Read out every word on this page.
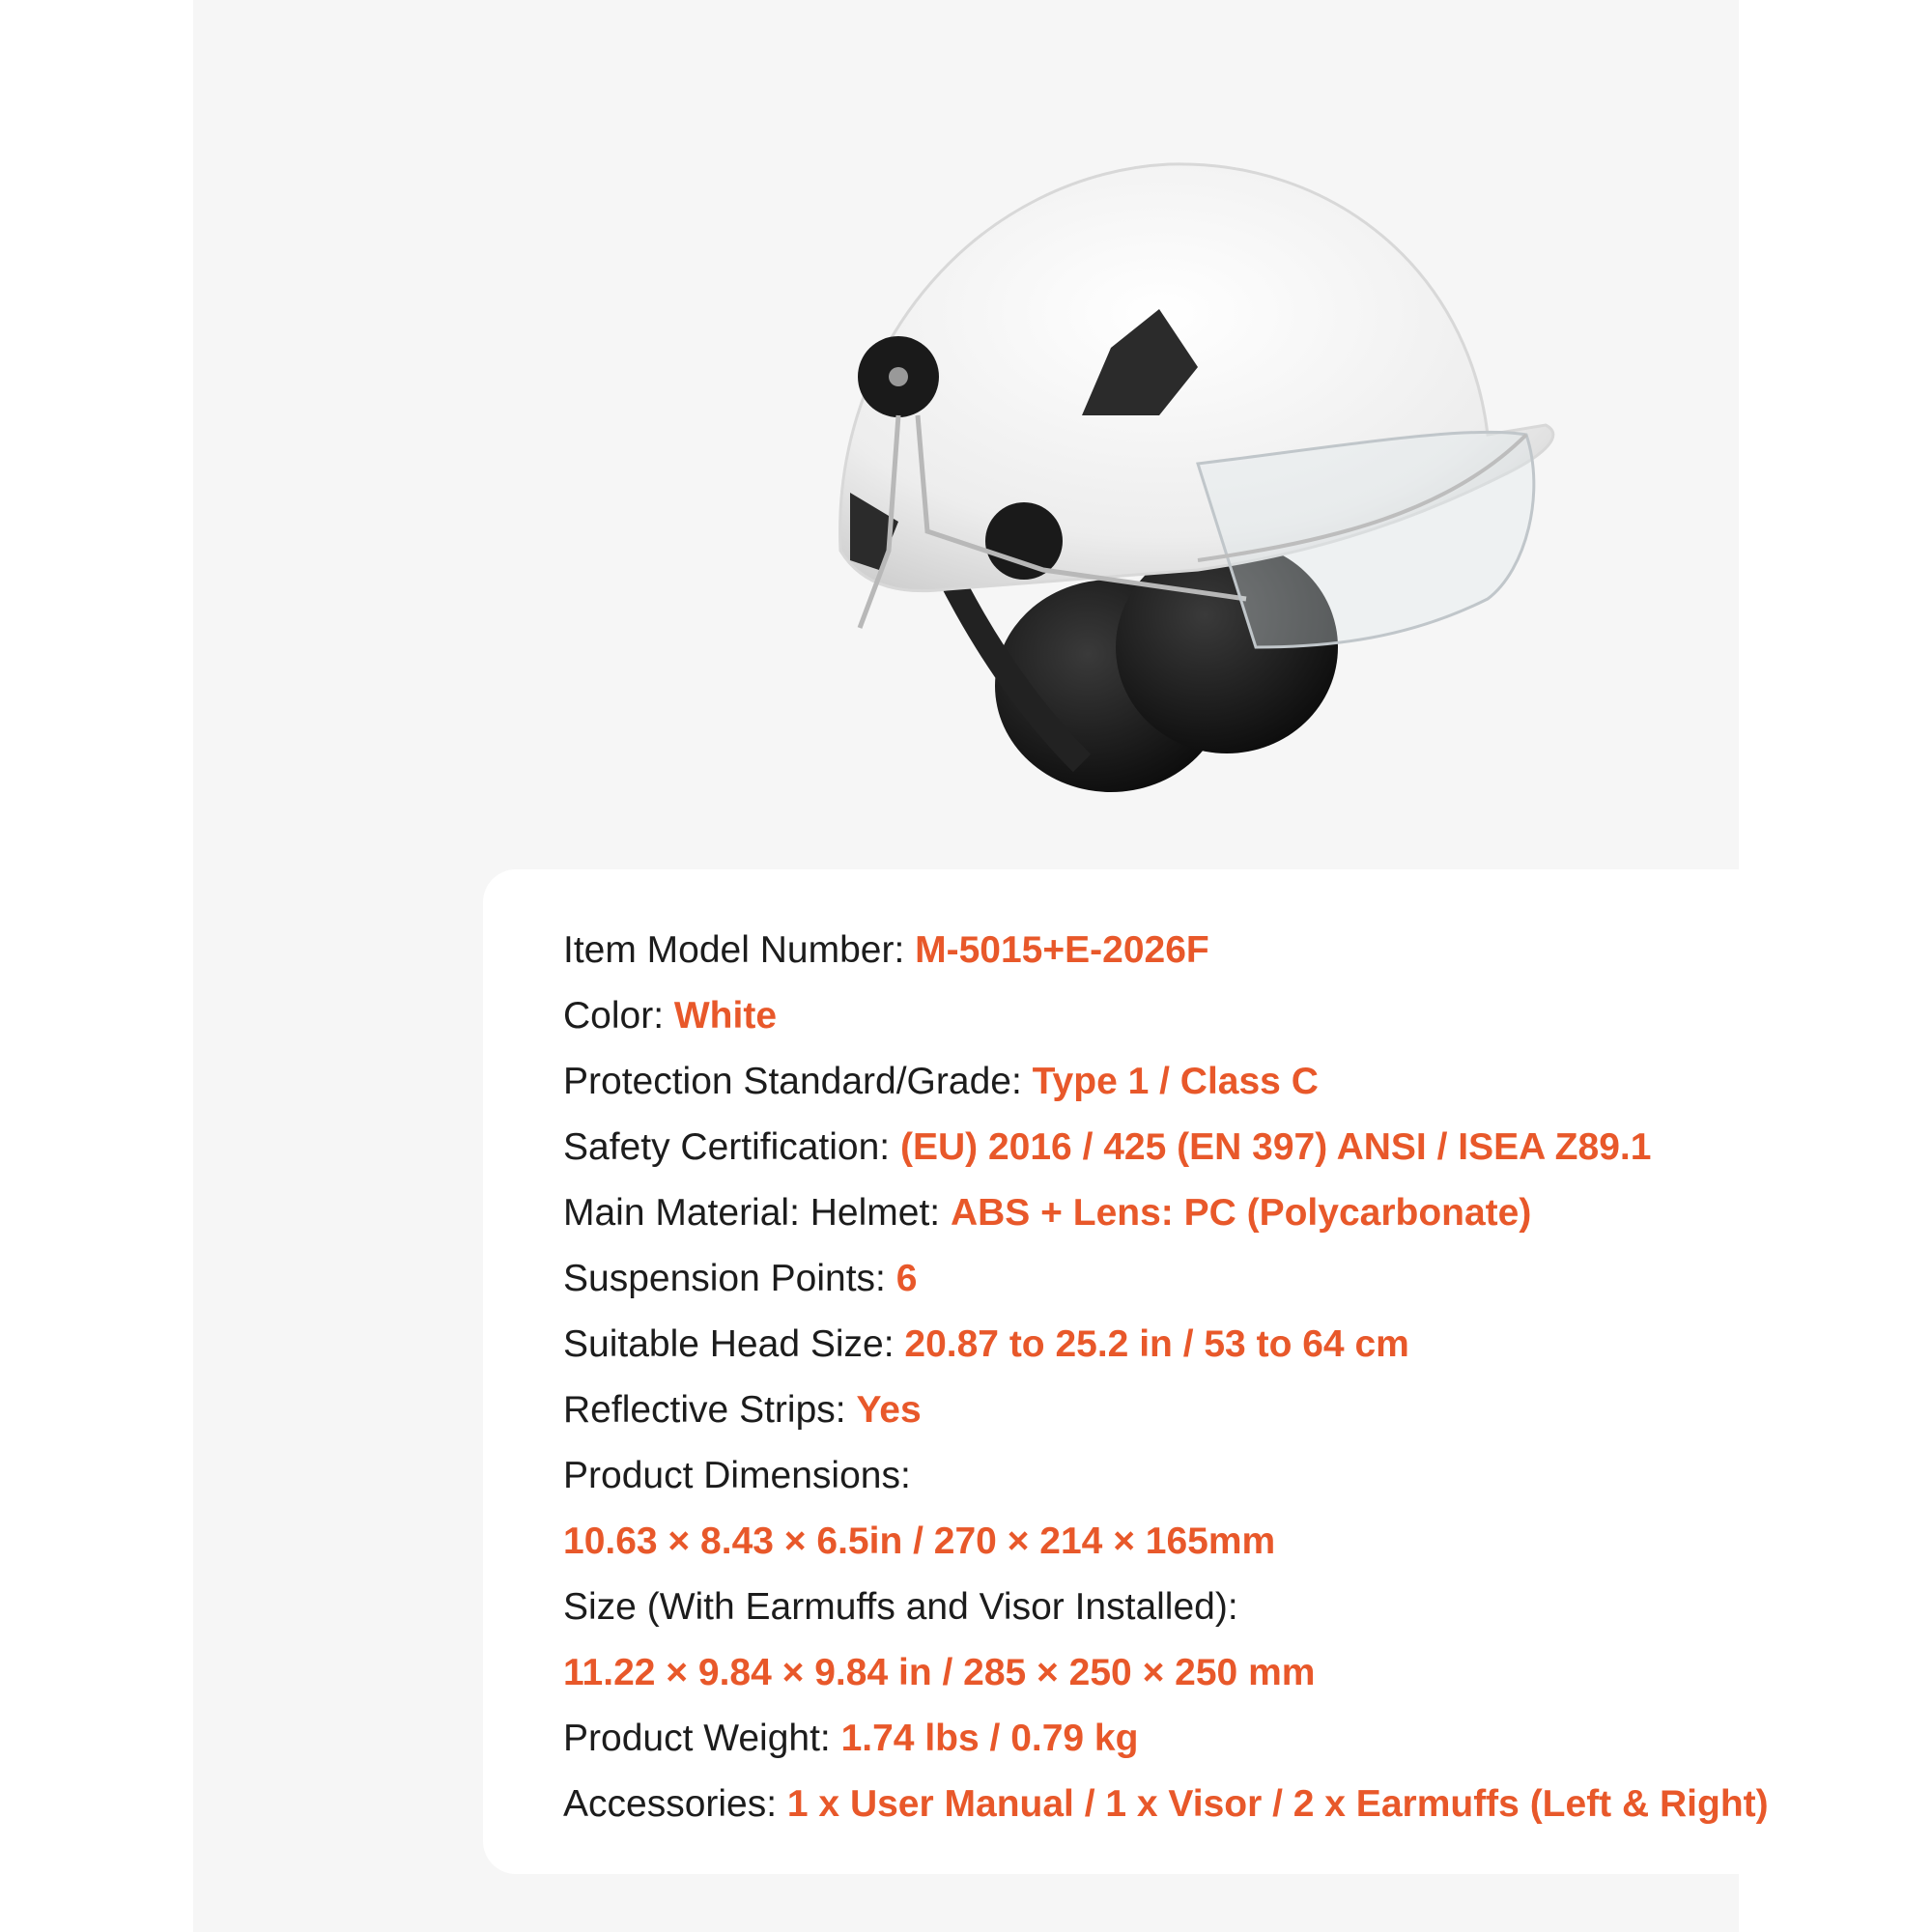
Item Model Number: M-5015+E-2026F
Color: White
Protection Standard/Grade: Type 1 / Class C
Safety Certification: (EU) 2016 / 425 (EN 397) ANSI / ISEA Z89.1
Main Material: Helmet: ABS + Lens: PC (Polycarbonate)
Suspension Points: 6
Suitable Head Size: 20.87 to 25.2 in / 53 to 64 cm
Reflective Strips: Yes
Product Dimensions:
10.63 × 8.43 × 6.5in / 270 × 214 × 165mm
Size (With Earmuffs and Visor Installed):
11.22 × 9.84 × 9.84 in / 285 × 250 × 250 mm
Product Weight: 1.74 lbs / 0.79 kg
Accessories: 1 x User Manual / 1 x Visor / 2 x Earmuffs (Left & Right)
